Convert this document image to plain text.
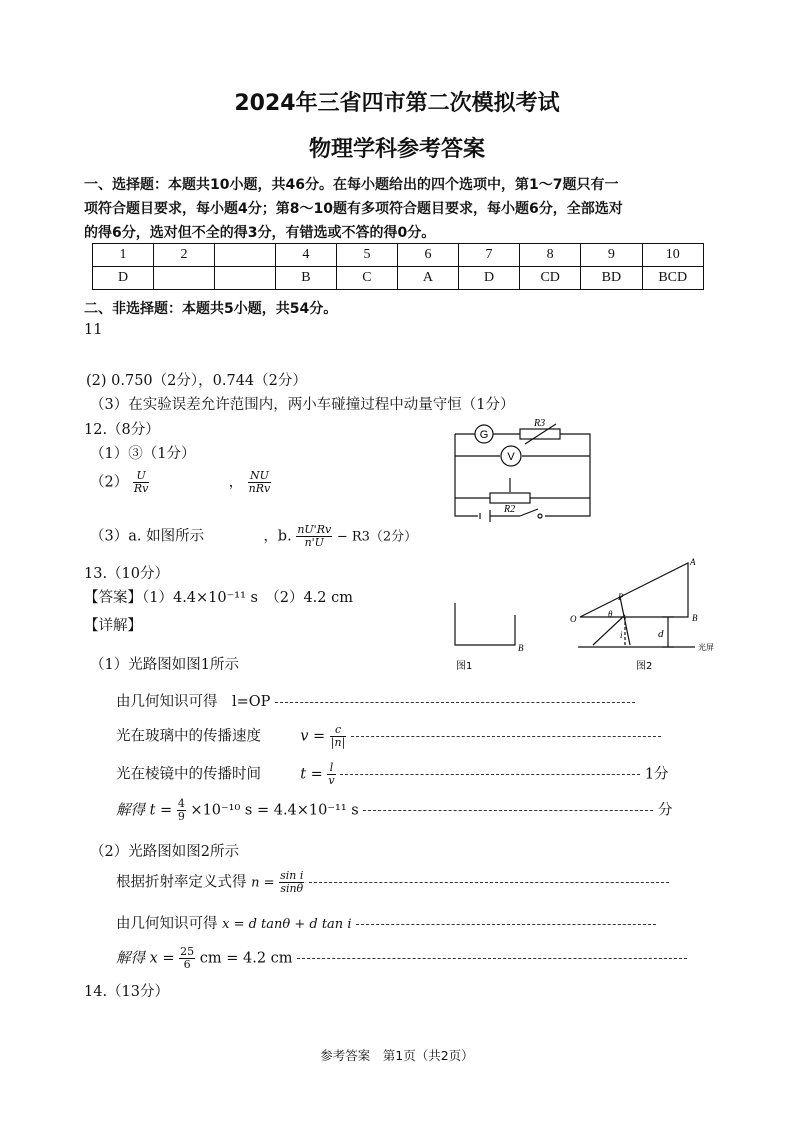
2024年三省四市第二次模拟考试
物理学科参考答案
一、选择题：本题共10小题，共46分。在每小题给出的四个选项中，第1～7题只有一
项符合题目要求，每小题4分；第8～10题有多项符合题目要求，每小题6分，全部选对
的得6分，选对但不全的得3分，有错选或不答的得0分。
1	2		4	5	6	7	8	9	10
D			B	C	A	D	CD	BD	BCD
二、非选择题：本题共5小题，共54分。
11
(2) 0.750（2分），0.744（2分）
（3）在实验误差允许范围内，两小车碰撞过程中动量守恒（1分）
12.（8分）
（1）③（1分）
$(2) \frac{U}{Rv}$	， $\frac{NU}{\text{nRv}}$
（3）a. 如图所示	，b. $\frac{nU'Rv}{n'U} - R3(2$分）
G
V
R3
R2
13.（10分）
【答案】（1）4.4×10⁻¹¹ s　（2）4.2 cm
【详解】
（1）光路图如图1所示
B
A
B
O
P
θ
i	d
光屏
图1	图2
由几何知识可得　l=OP
光在玻璃中的传播速度	$v = \frac{c}{|n|}$

光在棱镜中的传播时间	$t = \frac{l}{v}$	1分
解得 $t = \frac{4}{9} \times 10^{-10}$ s = 4.4×10⁻¹¹ s	分
（2）光路图如图2所示
根据折射率定义式得 $n = \frac{\text{sin i}}{\sin\theta}$

由几何知识可得 x = d tanθ + d tan i
解得 $x = \frac{25}{6}$ cm = 4.2 cm
14.（13分）
参考答案　第1页（共2页）
